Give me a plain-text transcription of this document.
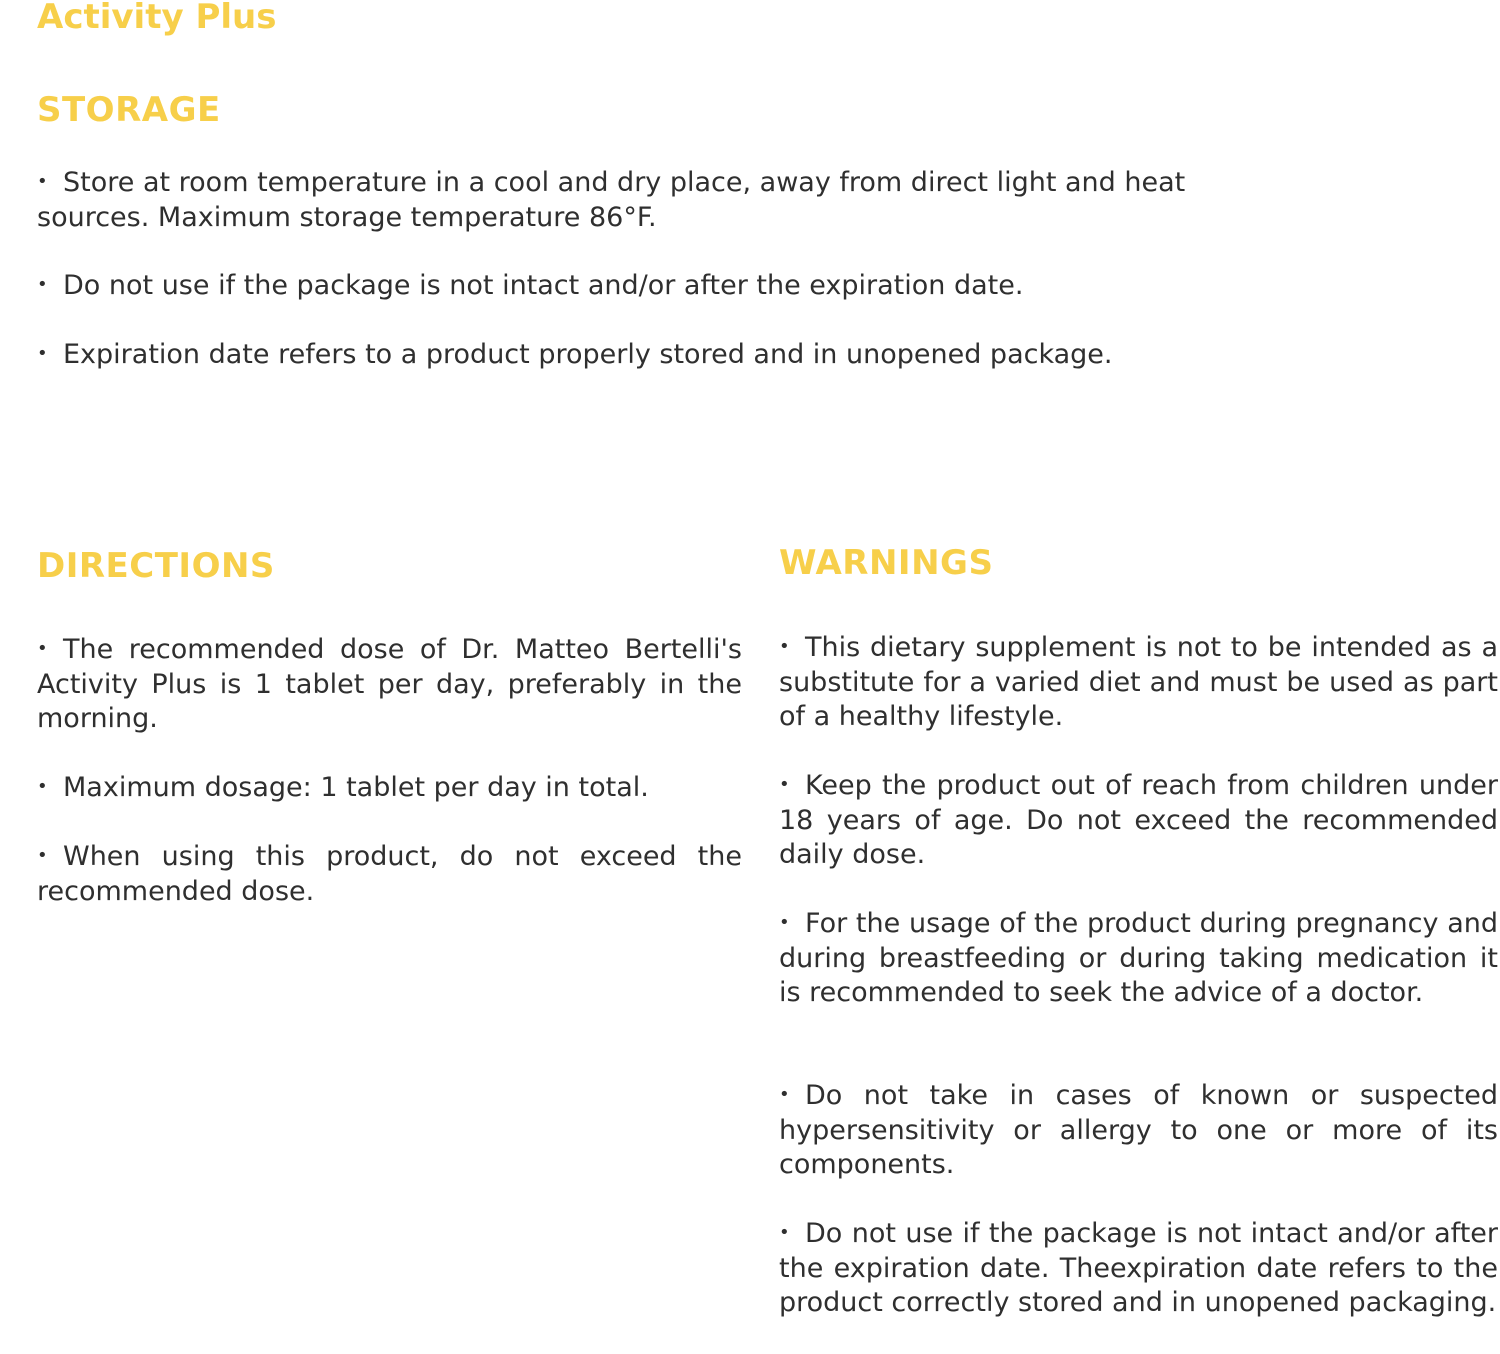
Activity Plus
STORAGE

• Store at room temperature in a cool and dry place, away from direct light and heat sources. Maximum storage temperature 86°F.

• Do not use if the package is not intact and/or after the expiration date.

• Expiration date refers to a product properly stored and in unopened package.

DIRECTIONS

• The recommended dose of Dr. Matteo Bertelli's Activity Plus is 1 tablet per day, preferably in the morning.

• Maximum dosage: 1 tablet per day in total.

• When using this product, do not exceed the recommended dose.

WARNINGS

• This dietary supplement is not to be intended as a substitute for a varied diet and must be used as part of a healthy lifestyle.

• Keep the product out of reach from children under 18 years of age. Do not exceed the recommended daily dose.

• For the usage of the product during pregnancy and during breastfeeding or during taking medication it is recommended to seek the advice of a doctor.

• Do not take in cases of known or suspected hypersensitivity or allergy to one or more of its components.

• Do not use if the package is not intact and/or after the expiration date. Theexpiration date refers to the product correctly stored and in unopened packaging.
